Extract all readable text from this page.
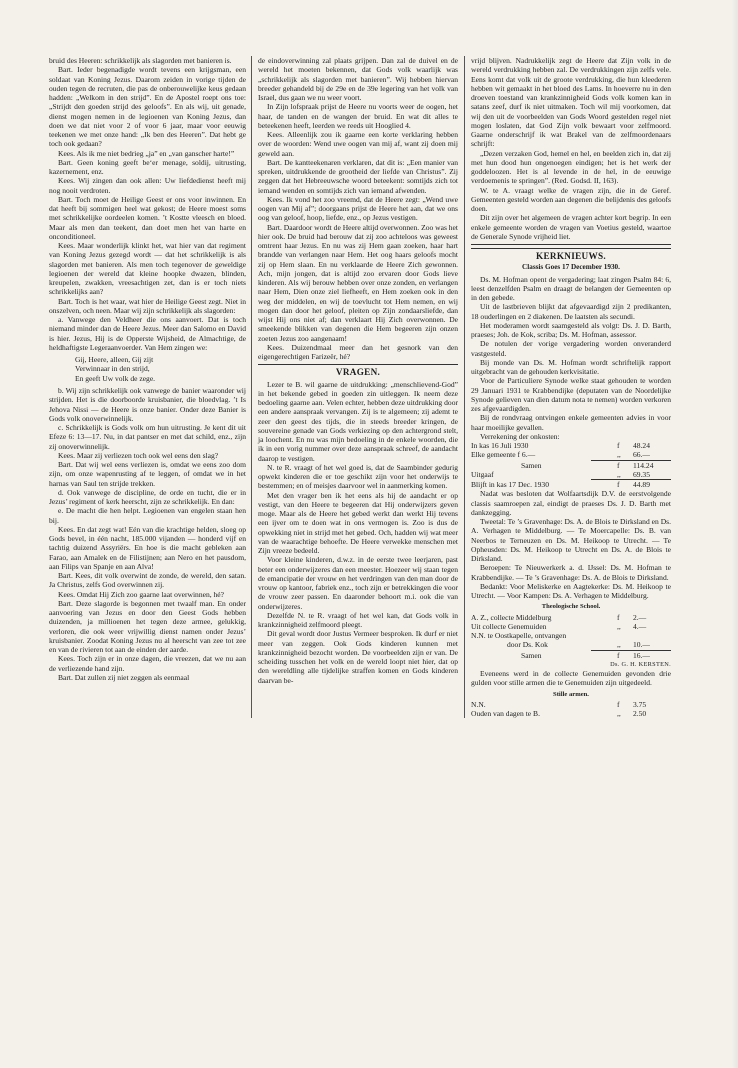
bruid des Heeren: schrikkelijk als slagorden met banieren is.

Bart. Ieder begenadigde wordt tevens een krijgsman, een soldaat van Koning Jezus. Daarom zeiden in vorige tijden de ouden tegen de recruten, die pas de onberouwelijke keus gedaan hadden: „Welkom in den strijd”. En de Apostel roept ons toe: „Strijdt den goeden strijd des geloofs”. En als wij, uit genade, dienst mogen nemen in de legioenen van Koning Jezus, dan doen we dat niet voor 2 of voor 6 jaar, maar voor eeuwig teekenen we met onze hand: „Ik ben des Heeren”. Dat hebt ge toch ook gedaan?

Kees. Als ik me niet bedrieg „ja” en „van ganscher harte!”

Bart. Geen koning geeft be‘er menage, soldij, uitrusting, kazernement, enz.

Kees. Wij zingen dan ook allen: Uw liefdedienst heeft mij nog nooit verdroten.

Bart. Toch moet de Heilige Geest er ons voor inwinnen. En dat heeft bij sommigen heel wat gekost; de Heere moest soms met schrikkelijke oordeelen komen. ’t Kostte vleesch en bloed. Maar als men dan teekent, dan doet men het van harte en onconditioneel.

Kees. Maar wonderlijk klinkt het, wat hier van dat regiment van Koning Jezus gezegd wordt — dat het schrikkelijk is als slagorden met banieren. Als men toch tegenover de geweldige legioenen der wereld dat kleine hoopke dwazen, blinden, kreupelen, zwakken, vreesachtigen zet, dan is er toch niets schrikkelijks aan?

Bart. Toch is het waar, wat hier de Heilige Geest zegt. Niet in onszelven, och neen. Maar wij zijn schrikkelijk als slagorden:

a. Vanwege den Veldheer die ons aanvoert. Dat is toch niemand minder dan de Heere Jezus. Meer dan Salomo en David is hier. Jezus, Hij is de Opperste Wijsheid, de Almachtige, de heldhaftigste Legeraanvoerder. Van Hem zingen we:

Gij, Heere, alleen, Gij zijt
Verwinnaar in den strijd,
En geeft Uw volk de zege.

b. Wij zijn schrikkelijk ook vanwege de banier waaronder wij strijden. Het is die doorboorde kruisbanier, die bloedvlag. ’t Is Jehova Nissi — de Heere is onze banier. Onder deze Banier is Gods volk onoverwinnelijk.

c. Schrikkelijk is Gods volk om hun uitrusting. Je kent dit uit Efeze 6: 13—17. Nu, in dat pantser en met dat schild, enz., zijn zij onoverwinnelijk.

Kees. Maar zij verliezen toch ook wel eens den slag?

Bart. Dat wij wel eens verliezen is, omdat we eens zoo dom zijn, om onze wapenrusting af te leggen, of omdat we in het harnas van Saul ten strijde trekken.

d. Ook vanwege de discipline, de orde en tucht, die er in Jezus’ regiment of kerk heerscht, zijn ze schrikkelijk. En dan:

e. De macht die hen helpt. Legioenen van engelen staan hen bij.

Kees. En dat zegt wat! Eén van die krachtige helden, sloeg op Gods bevel, in één nacht, 185.000 vijanden — honderd vijf en tachtig duizend Assyriërs. En hoe is die macht gebleken aan Farao, aan Amalek en de Filistijnen; aan Nero en het pausdom, aan Filips van Spanje en aan Alva!

Bart. Kees, dit volk overwint de zonde, de wereld, den satan. Ja Christus, zelfs God overwinnen zij.

Kees. Omdat Hij Zich zoo gaarne laat overwinnen, hé?

Bart. Deze slagorde is begonnen met twaalf man. En onder aanvoering van Jezus en door den Geest Gods hebben duizenden, ja millioenen het tegen deze armee, gelukkig, verloren, die ook weer vrijwillig dienst namen onder Jezus’ kruisbanier. Zoodat Koning Jezus nu al heerscht van zee tot zee en van de rivieren tot aan de einden der aarde.

Kees. Toch zijn er in onze dagen, die vreezen, dat we nu aan de verliezende hand zijn.

Bart. Dat zullen zij niet zeggen als eenmaal

de eindoverwinning zal plaats grijpen. Dan zal de duivel en de wereld het moeten bekennen, dat Gods volk waarlijk was „schrikkelijk als slagorden met banieren”. Wij hebben hiervan breeder gehandeld bij de 29e en de 39e legering van het volk van Israel, dus gaan we nu weer voort.

In Zijn lofspraak prijst de Heere nu voorts weer de oogen, het haar, de tanden en de wangen der bruid. En wat dit alles te beteekenen heeft, leerden we reeds uit Hooglied 4.

Kees. Alleenlijk zou ik gaarne een korte verklaring hebben over de woorden: Wend uwe oogen van mij af, want zij doen mij geweld aan.

Bart. De kantteekenaren verklaren, dat dit is: „Een manier van spreken, uitdrukkende de grootheid der liefde van Christus”. Zij zeggen dat het Hebreeuwsche woord beteekent: somtijds zich tot iemand wenden en somtijds zich van iemand afwenden.

Kees. Ik vond het zoo vreemd, dat de Heere zegt: „Wend uwe oogen van Mij af”; doorgaans prijst de Heere het aan, dat we ons oog van geloof, hoop, liefde, enz., op Jezus vestigen.

Bart. Daardoor wordt de Heere altijd overwonnen. Zoo was het hier ook. De bruid had berouw dat zij zoo achteloos was geweest omtrent haar Jezus. En nu was zij Hem gaan zoeken, haar hart brandde van verlangen naar Hem. Het oog haars geloofs mocht zij op Hem slaan. En nu verklaarde de Heere Zich gewonnen. Ach, mijn jongen, dat is altijd zoo ervaren door Gods lieve kinderen. Als wij berouw hebben over onze zonden, en verlangen naar Hem, Dien onze ziel liefheeft, en Hem zoeken ook in den weg der middelen, en wij de toevlucht tot Hem nemen, en wij mogen dan door het geloof, pleiten op Zijn zondaarsliefde, dan wijst Hij ons niet af; dan verklaart Hij Zich overwonnen. De smeekende blikken van degenen die Hem begeeren zijn onzen zoeten Jezus zoo aangenaam!

Kees. Duizendmaal meer dan het gesnork van den eigengerechtigen Farizeër, hé?

VRAGEN.

Lezer te B. wil gaarne de uitdrukking: „menschlievend-God” in het bekende gebed in goeden zin uitleggen. Ik neem deze bedoeling gaarne aan. Velen echter, hebben deze uitdrukking door een andere aanspraak vervangen. Zij is te algemeen; zij ademt te zeer den geest des tijds, die in steeds breeder kringen, de souvereine genade van Gods verkiezing op den achtergrond stelt, ja loochent. En nu was mijn bedoeling in de enkele woorden, die ik in een vorig nummer over deze aanspraak schreef, de aandacht daarop te vestigen.

N. te R. vraagt of het wel goed is, dat de Saambinder gedurig opwekt kinderen die er toe geschikt zijn voor het onderwijs te bestemmen; en of meisjes daarvoor wel in aanmerking komen.

Met den vrager ben ik het eens als hij de aandacht er op vestigt, van den Heere te begeeren dat Hij onderwijzers geven moge. Maar als de Heere het gebed werkt dan werkt Hij tevens een ijver om te doen wat in ons vermogen is. Zoo is dus de opwekking niet in strijd met het gebed. Och, hadden wij wat meer van de waarachtige behoefte. De Heere verwekke menschen met Zijn vreeze bedeeld.

Voor kleine kinderen, d.w.z. in de eerste twee leerjaren, past beter een onderwijzeres dan een meester. Hoezeer wij staan tegen de emancipatie der vrouw en het verdringen van den man door de vrouw op kantoor, fabriek enz., toch zijn er betrekkingen die voor de vrouw zeer passen. En daaronder behoort m.i. ook die van onderwijzeres.

Dezelfde N. te R. vraagt of het wel kan, dat Gods volk in krankzinnigheid zelfmoord pleegt.

Dit geval wordt door Justus Vermeer besproken. Ik durf er niet meer van zeggen. Ook Gods kinderen kunnen met krankzinnigheid bezocht worden. De voorbeelden zijn er van. De scheiding tusschen het volk en de wereld loopt niet hier, dat op den wereldling alle tijdelijke straffen komen en Gods kinderen daarvan be-

vrijd blijven. Nadrukkelijk zegt de Heere dat Zijn volk in de wereld verdrukking hebben zal. De verdrukkingen zijn zelfs vele. Eens komt dat volk uit de groote verdrukking, die hun kleederen hebben wit gemaakt in het bloed des Lams. In hoeverre nu in den droeven toestand van krankzinnigheid Gods volk komen kan in satans zeef, durf ik niet uitmaken. Toch wil mij voorkomen, dat wij den uit de voorbeelden van Gods Woord gestelden regel niet mogen loslaten, dat God Zijn volk bewaart voor zelfmoord. Gaarne onderschrijf ik wat Brakel van de zelfmoordenaars schrijft:

„Dezen verzaken God, hemel en hel, en beelden zich in, dat zij met hun dood hun ongenoegen eindigen; het is het werk der goddeloozen. Het is al levende in de hel, in de eeuwige verdoemenis te springen”. (Red. Godsd. II, 163).

W. te A. vraagt welke de vragen zijn, die in de Geref. Gemeenten gesteld worden aan degenen die belijdenis des geloofs doen.

Dit zijn over het algemeen de vragen achter kort begrip. In een enkele gemeente worden de vragen van Voetius gesteld, waartoe de Generale Synode vrijheid liet.

KERKNIEUWS.
Classis Goes 17 December 1930.

Ds. M. Hofman opent de vergadering; laat zingen Psalm 84: 6, leest denzelfden Psalm en draagt de belangen der Gemeenten op in den gebede.

Uit de lastbrieven blijkt dat afgevaardigd zijn 2 predikanten, 18 ouderlingen en 2 diakenen. De laatsten als secundi.

Het moderamen wordt saamgesteld als volgt: Ds. J. D. Barth, praeses; Joh. de Kok, scriba; Ds. M. Hofman, assessor.

De notulen der vorige vergadering worden onveranderd vastgesteld.

Bij monde van Ds. M. Hofman wordt schriftelijk rapport uitgebracht van de gehouden kerkvisitatie.

Voor de Particuliere Synode welke staat gehouden te worden 29 Januari 1931 te Krabbendijke (deputaten van de Noordelijke Synode gelieven van dien datum nota te nemen) worden verkoren zes afgevaardigden.

Bij de rondvraag ontvingen enkele gemeenten advies in voor haar moeilijke gevallen.

Verrekening der onkosten:

In kas 16 Juli 1930	f	48.24
Elke gemeente f 6.—	,,	66.—
Samen	f	114.24
Uitgaaf	,,	69.35
Blijft in kas 17 Dec. 1930	f	44.89

Nadat was besloten dat Wolfaartsdijk D.V. de eerstvolgende classis saamroepen zal, eindigt de praeses Ds. J. D. Barth met dankzegging.

Tweetal: Te ’s Gravenhage: Ds. A. de Blois te Dirksland en Ds. A. Verhagen te Middelburg. — Te Moercapelle: Ds. B. van Neerbos te Terneuzen en Ds. M. Heikoop te Utrecht. — Te Opheusden: Ds. M. Heikoop te Utrecht en Ds. A. de Blois te Dirksland.

Beroepen: Te Nieuwerkerk a. d. IJssel: Ds. M. Hofman te Krabbendijke. — Te ’s Gravenhage: Ds. A. de Blois te Dirksland.

Bedankt: Voor Meliskerke en Aagtekerke: Ds. M. Heikoop te Utrecht. — Voor Kampen: Ds. A. Verhagen te Middelburg.

Theologische School.
A. Z., collecte Middelburg	f	2.—
Uit collecte Genemuiden	,,	4.—
N.N. te Oostkapelle, ontvangen
door Ds. Kok	,,	10.—
Samen	f	16.—
Ds. G. H. KERSTEN.

Eveneens werd in de collecte Genemuiden gevonden drie gulden voor stille armen die te Genemuiden zijn uitgedeeld.

Stille armen.
N.N.	f	3.75
Ouden van dagen te B.	,,	2.50
